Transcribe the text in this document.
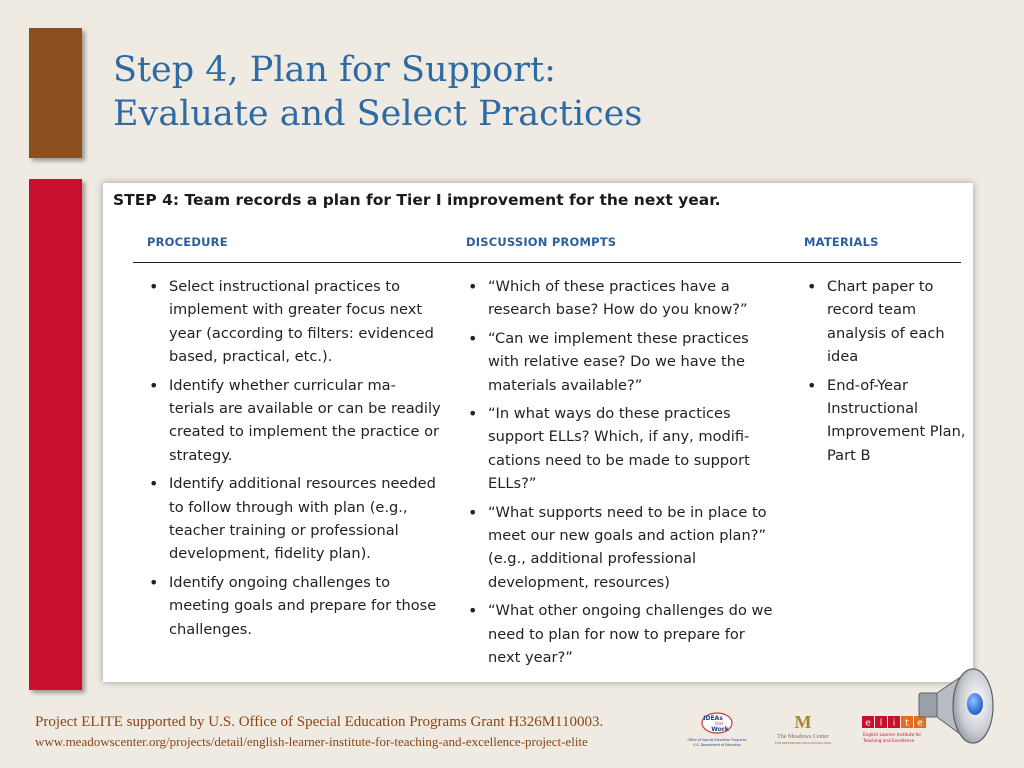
Step 4, Plan for Support:
Evaluate and Select Practices
STEP 4: Team records a plan for Tier I improvement for the next year.
PROCEDURE	DISCUSSION PROMPTS	MATERIALS
• Select instructional practices to implement with greater focus next year (according to filters: evidenced based, practical, etc.).
• Identify whether curricular ma-terials are available or can be readily created to implement the practice or strategy.
• Identify additional resources needed to follow through with plan (e.g., teacher training or professional development, fidelity plan).
• Identify ongoing challenges to meeting goals and prepare for those challenges.
• “Which of these practices have a research base? How do you know?”
• “Can we implement these practices with relative ease? Do we have the materials available?”
• “In what ways do these practices support ELLs? Which, if any, modifi-cations need to be made to support ELLs?”
• “What supports need to be in place to meet our new goals and action plan?” (e.g., additional professional development, resources)
• “What other ongoing challenges do we need to plan for now to prepare for next year?”
• Chart paper to record team analysis of each idea
• End-of-Year Instructional Improvement Plan, Part B
Project ELITE supported by U.S. Office of Special Education Programs Grant H326M110003.
www.meadowscenter.org/projects/detail/english-learner-institute-for-teaching-and-excellence-project-elite
IDEAs
that
Work
Office of Special Education Programs
U.S. Department of Education
M
The Meadows Center
FOR PREVENTING EDUCATIONAL RISK
e l i t e
English Learner Institute for
Teaching and Excellence
